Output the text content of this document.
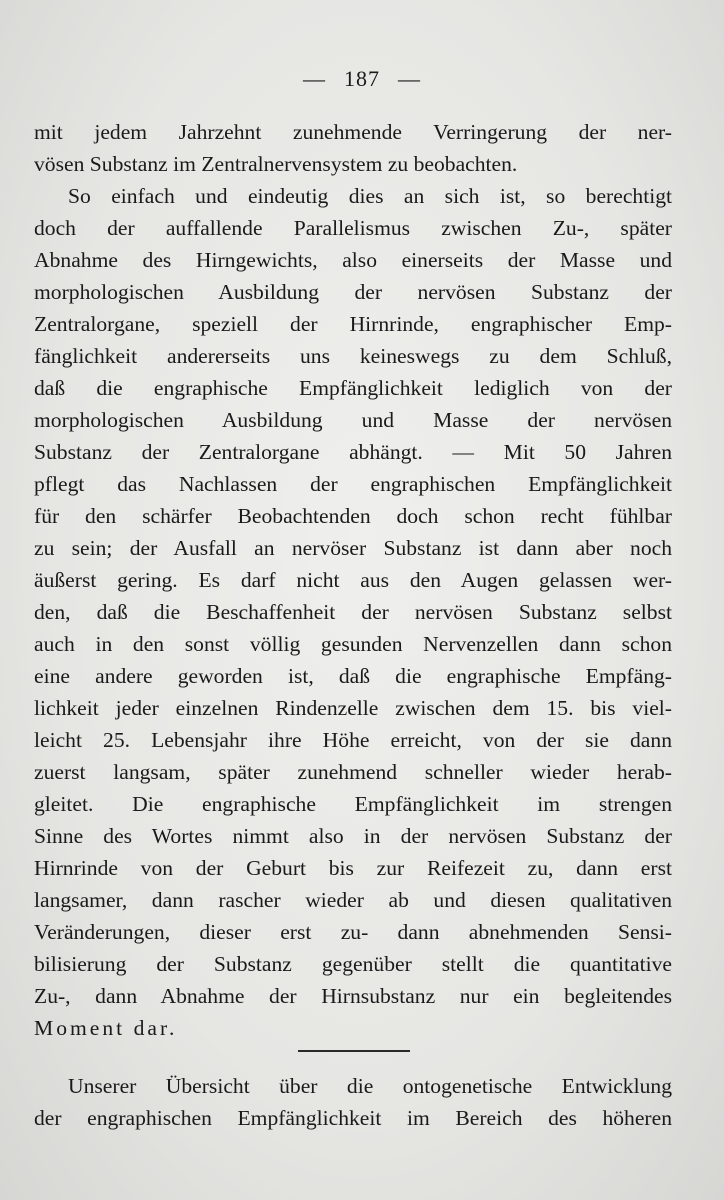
— 187 —
mit jedem Jahrzehnt zunehmende Verringerung der ner-
vösen Substanz im Zentralnervensystem zu beobachten.
So einfach und eindeutig dies an sich ist, so berechtigt
doch der auffallende Parallelismus zwischen Zu-, später
Abnahme des Hirngewichts, also einerseits der Masse und
morphologischen Ausbildung der nervösen Substanz der
Zentralorgane, speziell der Hirnrinde, engraphischer Emp-
fänglichkeit andererseits uns keineswegs zu dem Schluß,
daß die engraphische Empfänglichkeit lediglich von der
morphologischen Ausbildung und Masse der nervösen
Substanz der Zentralorgane abhängt. — Mit 50 Jahren
pflegt das Nachlassen der engraphischen Empfänglichkeit
für den schärfer Beobachtenden doch schon recht fühlbar
zu sein; der Ausfall an nervöser Substanz ist dann aber noch
äußerst gering. Es darf nicht aus den Augen gelassen wer-
den, daß die Beschaffenheit der nervösen Substanz selbst
auch in den sonst völlig gesunden Nervenzellen dann schon
eine andere geworden ist, daß die engraphische Empfäng-
lichkeit jeder einzelnen Rindenzelle zwischen dem 15. bis viel-
leicht 25. Lebensjahr ihre Höhe erreicht, von der sie dann
zuerst langsam, später zunehmend schneller wieder herab-
gleitet. Die engraphische Empfänglichkeit im strengen
Sinne des Wortes nimmt also in der nervösen Substanz der
Hirnrinde von der Geburt bis zur Reifezeit zu, dann erst
langsamer, dann rascher wieder ab und diesen qualitativen
Veränderungen, dieser erst zu- dann abnehmenden Sensi-
bilisierung der Substanz gegenüber stellt die quantitative
Zu-, dann Abnahme der Hirnsubstanz nur ein begleitendes
Moment dar.
Unserer Übersicht über die ontogenetische Entwicklung
der engraphischen Empfänglichkeit im Bereich des höheren
